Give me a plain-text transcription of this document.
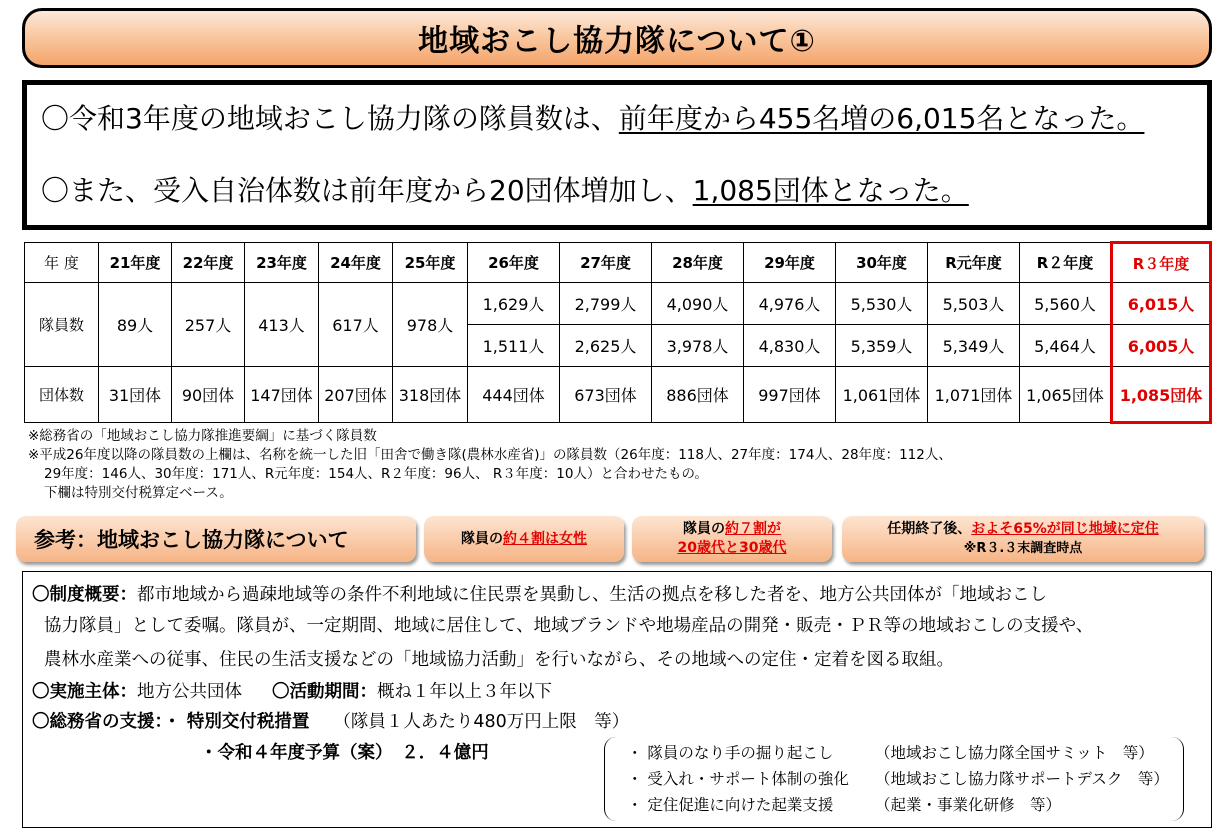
地域おこし協力隊について①
〇令和3年度の地域おこし協力隊の隊員数は、前年度から455名増の6,015名となった。
〇また、受入自治体数は前年度から20団体増加し、1,085団体となった。
年 度	21年度	22年度	23年度	24年度	25年度	26年度	27年度	28年度	29年度	30年度	R元年度	R２年度	R３年度
隊員数	89人	257人	413人	617人	978人	1,629人	2,799人	4,090人	4,976人	5,530人	5,503人	5,560人	6,015人
						1,511人	2,625人	3,978人	4,830人	5,359人	5,349人	5,464人	6,005人
団体数	31団体	90団体	147団体	207団体	318団体	444団体	673団体	886団体	997団体	1,061団体	1,071団体	1,065団体	1,085団体
※総務省の「地域おこし協力隊推進要綱」に基づく隊員数
※平成26年度以降の隊員数の上欄は、名称を統一した旧「田舎で働き隊(農林水産省)」の隊員数（26年度：118人、27年度：174人、28年度：112人、
29年度：146人、30年度：171人、R元年度：154人、R２年度：96人、 R３年度：10人）と合わせたもの。
下欄は特別交付税算定ベース。
参考：地域おこし協力隊について	隊員の約４割は女性
隊員の約７割が
20歳代と30歳代
任期終了後、およそ65%が同じ地域に定住
※R３.３末調査時点
〇制度概要：都市地域から過疎地域等の条件不利地域に住民票を異動し、生活の拠点を移した者を、地方公共団体が「地域おこし
協力隊員」として委嘱。隊員が、一定期間、地域に居住して、地域ブランドや地場産品の開発・販売・ＰＲ等の地域おこしの支援や、
農林水産業への従事、住民の生活支援などの「地域協力活動」を行いながら、その地域への定住・定着を図る取組。
〇実施主体：地方公共団体 〇活動期間：概ね１年以上３年以下
〇総務省の支援：・ 特別交付税措置 （隊員１人あたり480万円上限　等）
・令和４年度予算（案）　２．４億円	・ 隊員のなり手の掘り起こし	（地域おこし協力隊全国サミット　等）
・ 受入れ・サポート体制の強化 （地域おこし協力隊サポートデスク　等）
・ 定住促進に向けた起業支援	（起業・事業化研修　等）
